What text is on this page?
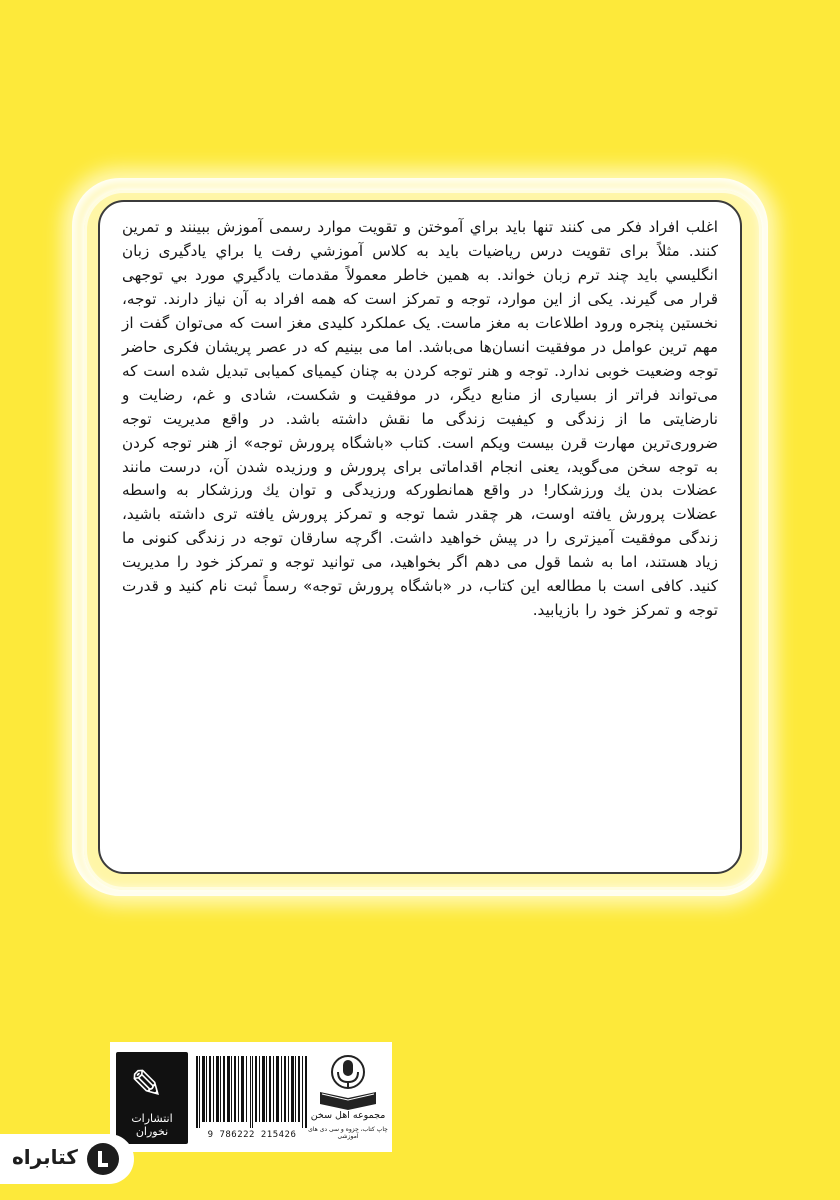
اغلب افراد فکر می کنند تنها باید براي آموختن و تقویت موارد رسمی آموزش ببینند و تمرین کنند. مثلاً برای تقویت درس ریاضیات باید به کلاس آموزشي رفت یا براي یادگیری زبان انگلیسي باید چند ترم زبان خواند. به همین خاطر معمولاً مقدمات یادگیري مورد بي توجهی قرار می گیرند. یکی از این موارد، توجه و تمرکز است که همه افراد به آن نیاز دارند. توجه، نخستین پنجره ورود اطلاعات به مغز ماست. یک عملکرد کلیدی مغز است که می‌توان گفت از مهم ترین عوامل در موفقیت انسان‌ها می‌باشد. اما می بینیم که در عصر پریشان فکری حاضر توجه وضعیت خوبی ندارد. توجه و هنر توجه کردن به چنان کیمیای کمیابی تبدیل شده است که می‌تواند فراتر از بسیاری از منابع دیگر، در موفقیت و شکست، شادی و غم، رضایت و نارضایتی ما از زندگی و کیفیت زندگی ما نقش داشته باشد. در واقع مدیریت توجه ضروری‌ترین مهارت قرن بیست ویکم است. کتاب «باشگاه پرورش توجه» از هنر توجه کردن به توجه سخن می‌گوید، یعنی انجام اقداماتی برای پرورش و ورزیده شدن آن، درست مانند عضلات بدن یك ورزشکار! در واقع همانطورکه ورزیدگی و توان یك ورزشکار به واسطه عضلات پرورش یافته اوست، هر چقدر شما توجه و تمرکز پرورش یافته تری داشته باشید، زندگی موفقیت آمیزتری را در پیش خواهید داشت. اگرچه سارقان توجه در زندگی کنونی ما زیاد هستند، اما به شما قول می دهم اگر بخواهید، می توانید توجه و تمرکز خود را مدیریت کنید. کافی است با مطالعه این کتاب، در «باشگاه پرورش توجه» رسماً ثبت نام کنید و قدرت توجه و تمرکز خود را بازیابید.

✎
انتشارات نخوران	9 786222 215426
مجموعه اهل سخن
چاپ کتاب، جزوه و سی دی های آموزشی
کتابراه
